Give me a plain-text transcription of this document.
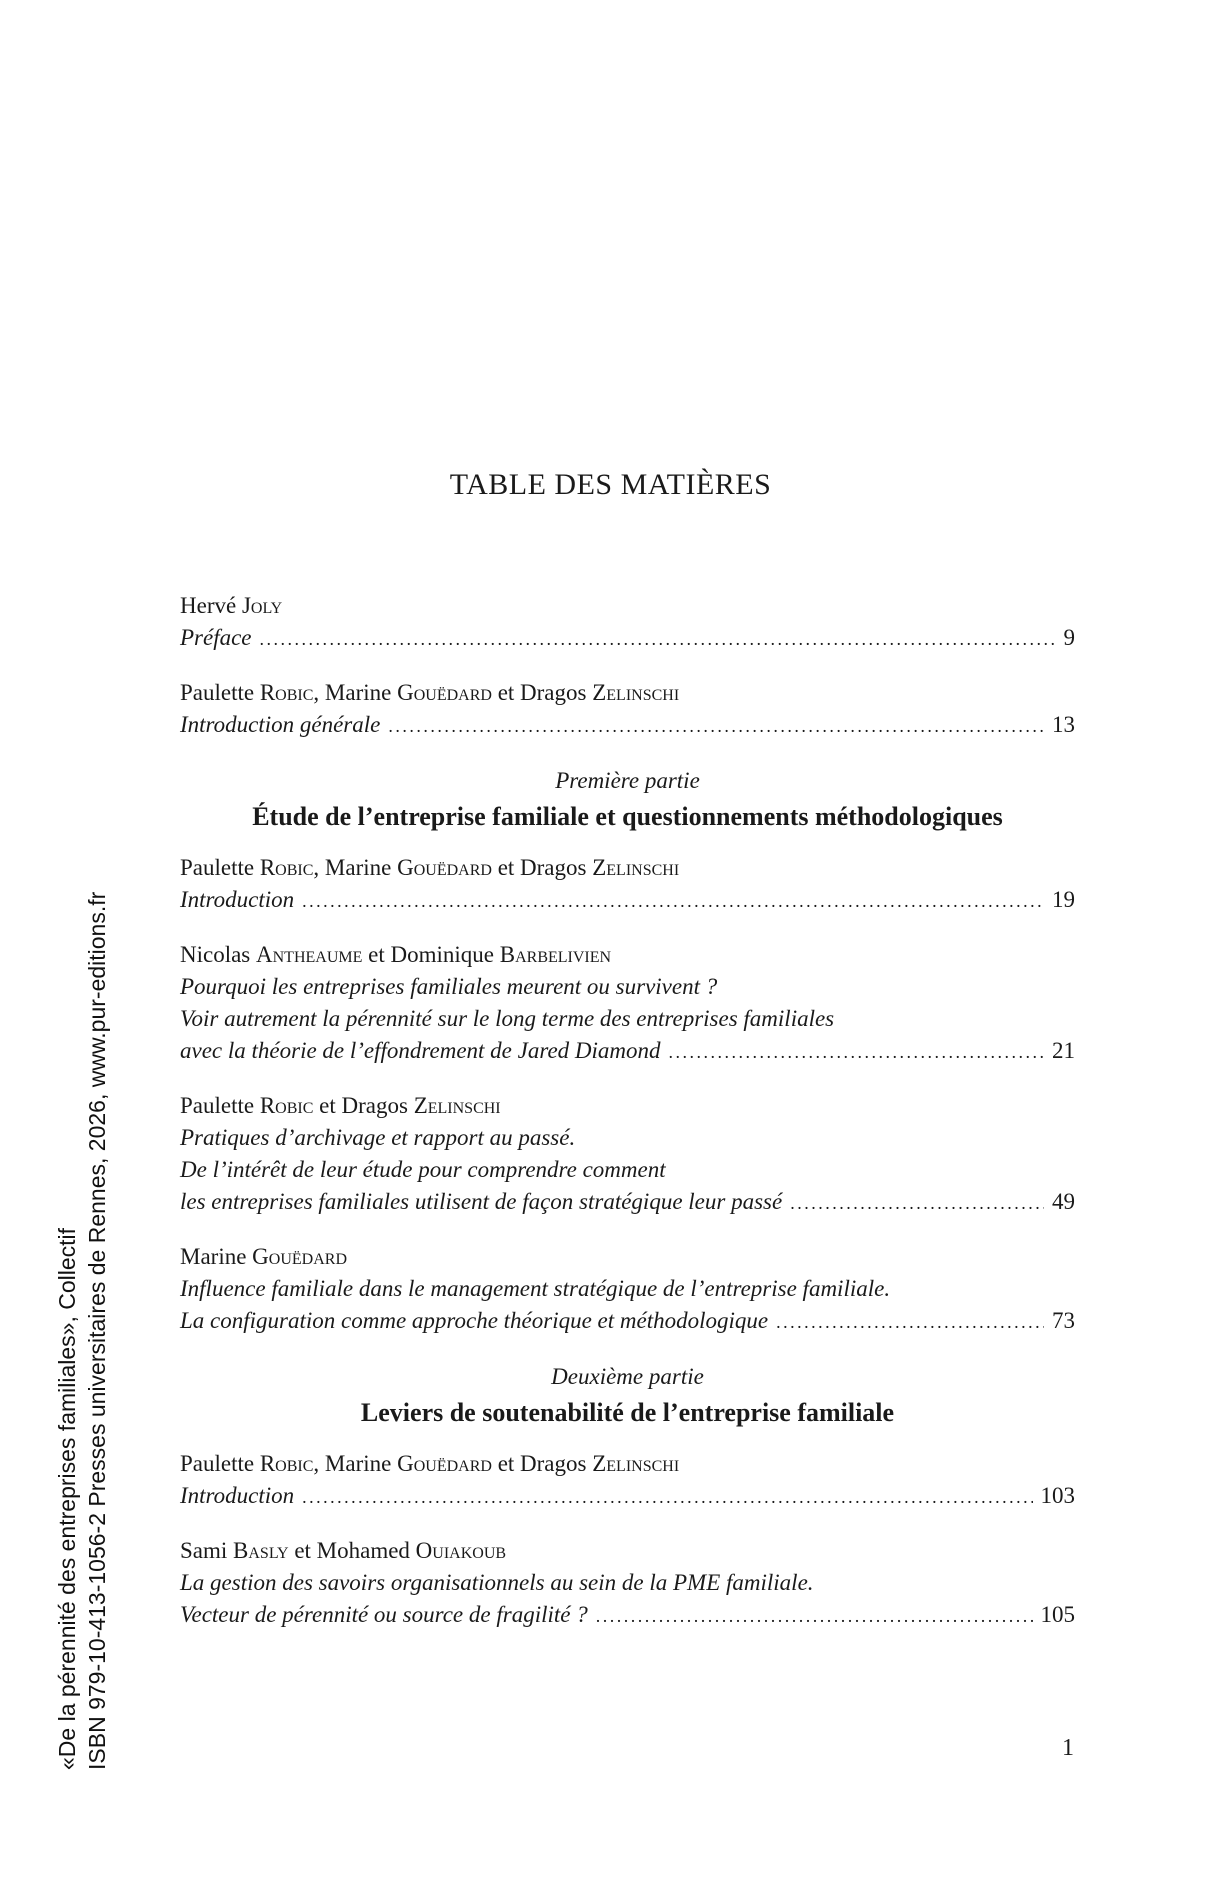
TABLE DES MATIÈRES
Hervé Joly
Préface . . .	9
Paulette Robic, Marine Gouëdard et Dragos Zelinschi
Introduction générale . . .	13
Première partie
Étude de l’entreprise familiale et questionnements méthodologiques
Paulette Robic, Marine Gouëdard et Dragos Zelinschi
Introduction . . .	19
Nicolas Antheaume et Dominique Barbelivien
Pourquoi les entreprises familiales meurent ou survivent ?
Voir autrement la pérennité sur le long terme des entreprises familiales
avec la théorie de l’effondrement de Jared Diamond . . .	21
Paulette Robic et Dragos Zelinschi
Pratiques d’archivage et rapport au passé.
De l’intérêt de leur étude pour comprendre comment
les entreprises familiales utilisent de façon stratégique leur passé . . .	49
Marine Gouëdard
Influence familiale dans le management stratégique de l’entreprise familiale.
La configuration comme approche théorique et méthodologique . . .	73
Deuxième partie
Leviers de soutenabilité de l’entreprise familiale
Paulette Robic, Marine Gouëdard et Dragos Zelinschi
Introduction . . .	103
Sami Basly et Mohamed Ouiakoub
La gestion des savoirs organisationnels au sein de la PME familiale.
Vecteur de pérennité ou source de fragilité ? . . .	105
«De la pérennité des entreprises familiales», Collectif ISBN 979-10-413-1056-2 Presses universitaires de Rennes, 2026, www.pur-editions.fr	1
